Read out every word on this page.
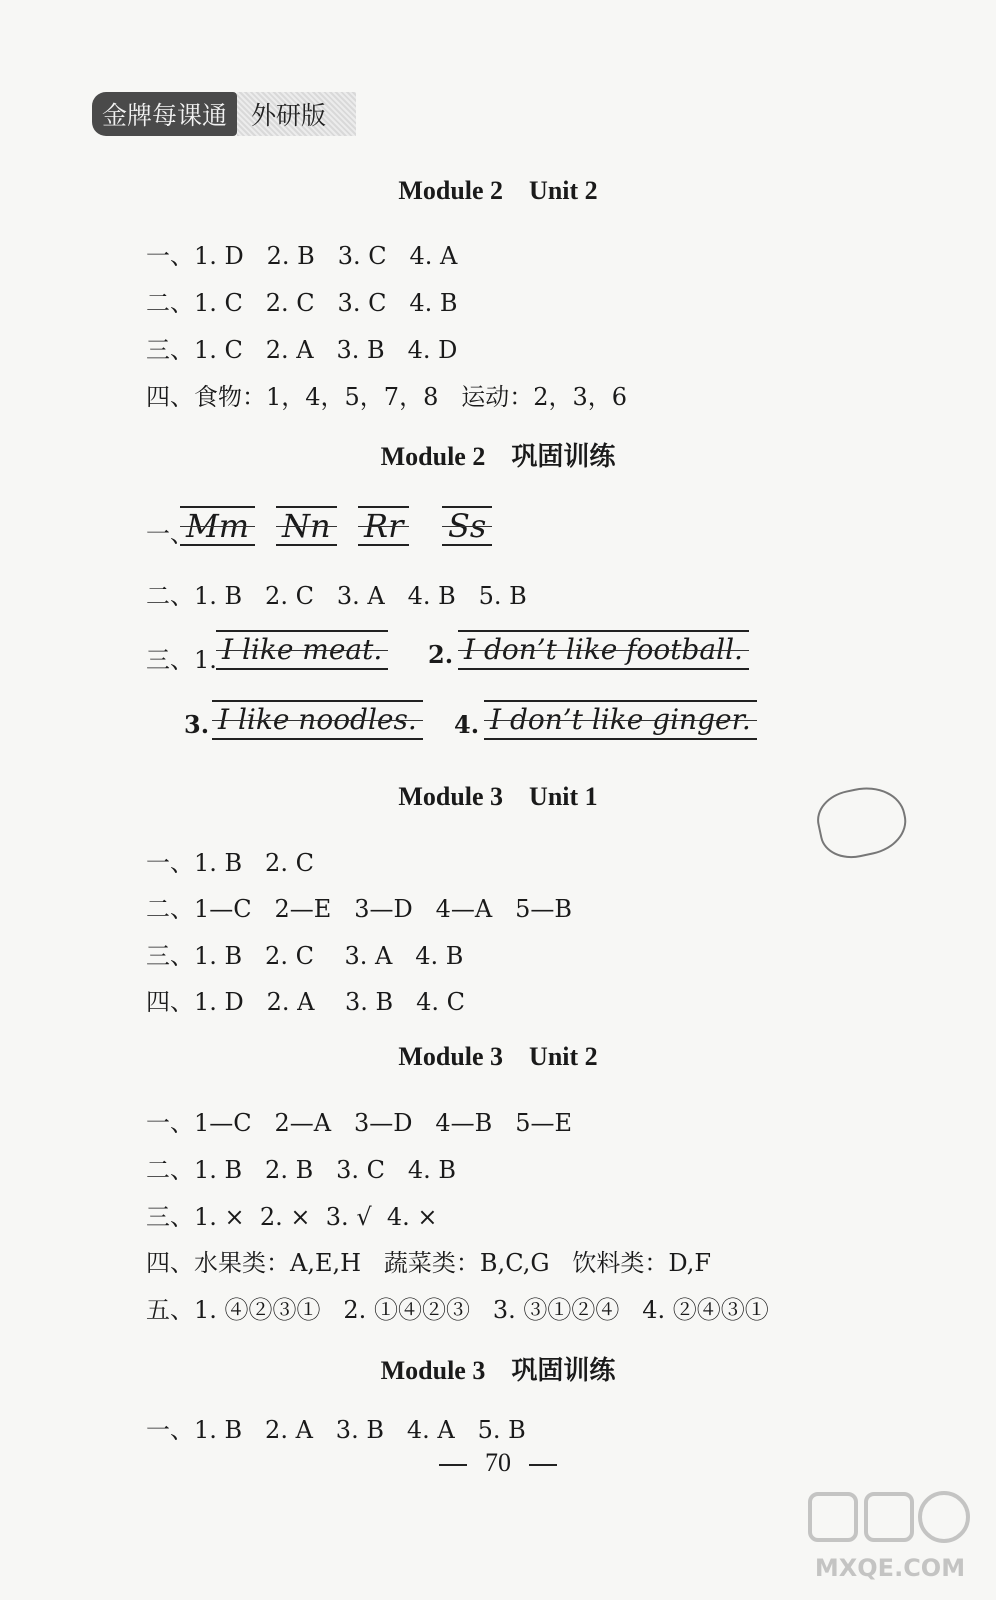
金牌每课通 外研版
Module 2 Unit 2
一、1. D   2. B   3. C   4. A
二、1. C   2. C   3. C   4. B
三、1. C   2. A   3. B   4. D
四、食物：1，4，5，7，8   运动：2，3，6
Module 2 巩固训练
一、
Mm Nn Rr Ss
二、1. B   2. C   3. A   4. B   5. B
三、1. I like meat. 2. I don’t like football.
3. I like noodles. 4. I don’t like ginger.
Module 3 Unit 1
一、1. B   2. C
二、1—C   2—E   3—D   4—A   5—B
三、1. B   2. C    3. A   4. B
四、1. D   2. A    3. B   4. C
Module 3 Unit 2
一、1—C   2—A   3—D   4—B   5—E
二、1. B   2. B   3. C   4. B
三、1. ×  2. ×  3. √  4. ×
四、水果类：A,E,H   蔬菜类：B,C,G   饮料类：D,F
五、1. ④②③①   2. ①④②③   3. ③①②④   4. ②④③①
Module 3 巩固训练
一、1. B   2. A   3. B   4. A   5. B
70
MXQE.COM
